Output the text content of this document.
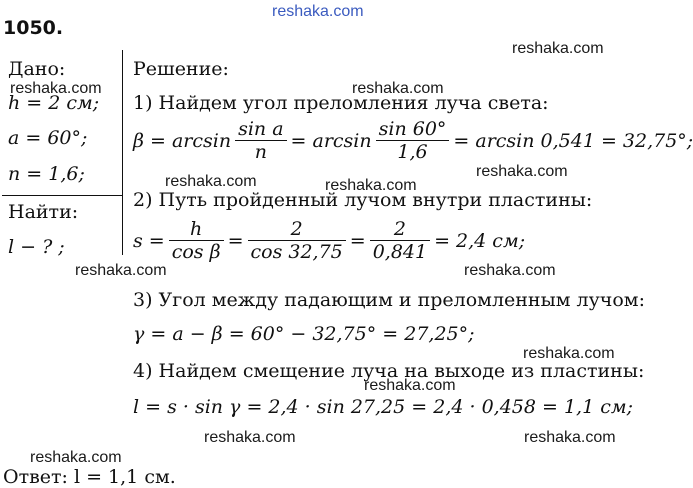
reshaka.com
reshaka.com
reshaka.com	reshaka.com
reshaka.com
reshaka.com	reshaka.com
reshaka.com	reshaka.com
reshaka.com
reshaka.com
reshaka.com	reshaka.com
reshaka.com
1050.
Дано:
h = 2 см;
a = 60°;
n = 1,6;
Найти:
l − ? ;
Решение:
1) Найдем угол преломления луча света:
$\beta = \arcsin \frac{\text{sin a}}{n} = \arcsin \frac{\sin 60^\circ}{1,6} = \arcsin 0,541 = 32,75^\circ$;
2) Путь пройденный лучом внутри пластины:
$s = \frac{h}{\text{cos β}} = \frac{2}{\cos 32,75} = \frac{2}{0,841} = 2,4$ см;
3) Угол между падающим и преломленным лучом:
γ = a − β = 60° − 32,75° = 27,25°;
4) Найдем смещение луча на выходе из пластины:
l = s · sin γ = 2,4 · sin 27,25 = 2,4 · 0,458 = 1,1 см;
Ответ: l = 1,1 см.
